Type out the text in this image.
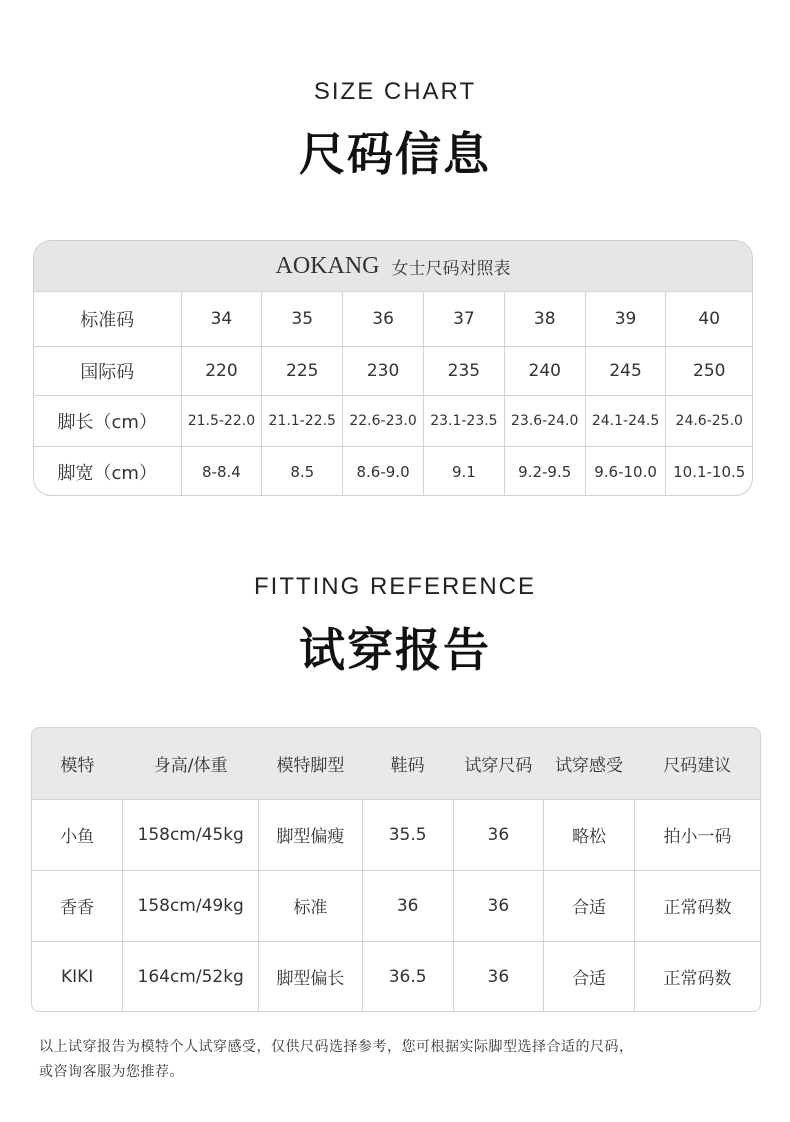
SIZE CHART
尺码信息
AOKANG 女士尺码对照表
标准码	34	35	36	37	38	39	40
国际码	220	225	230	235	240	245	250
脚长（cm）	21.5-22.0	21.1-22.5	22.6-23.0	23.1-23.5	23.6-24.0	24.1-24.5	24.6-25.0
脚宽（cm）	8-8.4	8.5	8.6-9.0	9.1	9.2-9.5	9.6-10.0	10.1-10.5
FITTING REFERENCE
试穿报告
模特	身高/体重	模特脚型	鞋码	试穿尺码	试穿感受	尺码建议
小鱼	158cm/45kg	脚型偏瘦	35.5	36	略松	拍小一码
香香	158cm/49kg	标准	36	36	合适	正常码数
KIKI	164cm/52kg	脚型偏长	36.5	36	合适	正常码数
以上试穿报告为模特个人试穿感受，仅供尺码选择参考，您可根据实际脚型选择合适的尺码，
或咨询客服为您推荐。
